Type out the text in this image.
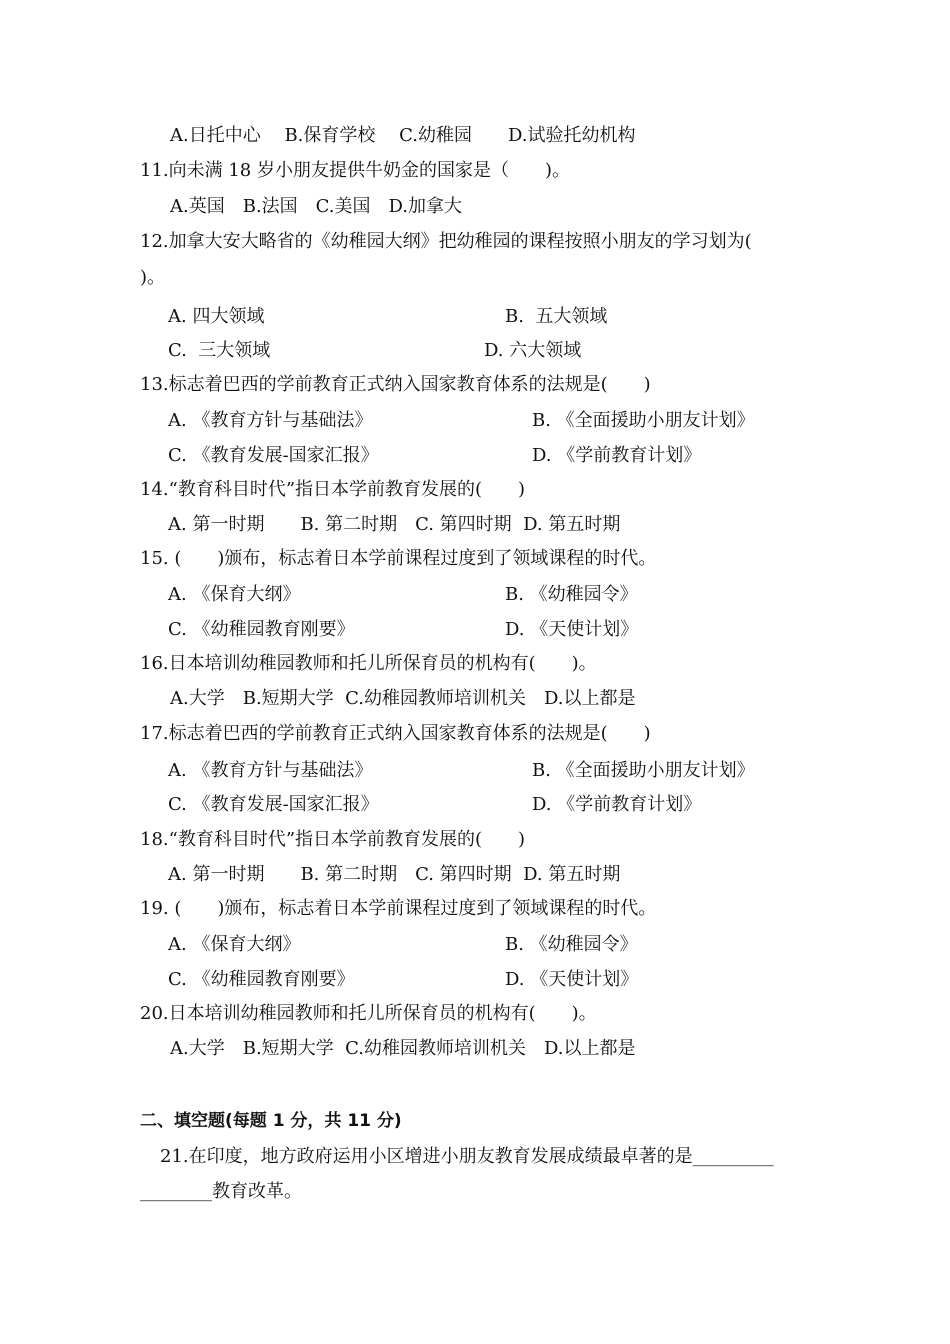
A.日托中心　 B.保育学校　 C.幼稚园　　D.试验托幼机构
11.向未满 18 岁小朋友提供牛奶金的国家是（　　)。
A.英国　B.法国　C.美国　D.加拿大
12.加拿大安大略省的《幼稚园大纲》把幼稚园的课程按照小朋友的学习划为(
)。
A. 四大领域	B.  五大领域
C.  三大领域	D. 六大领域
13.标志着巴西的学前教育正式纳入国家教育体系的法规是(　　)
A. 《教育方针与基础法》	B. 《全面援助小朋友计划》
C. 《教育发展-国家汇报》	D. 《学前教育计划》
14.“教育科目时代”指日本学前教育发展的(　　)
A. 第一时期　　B. 第二时期　C. 第四时期  D. 第五时期
15. (　　)颁布，标志着日本学前课程过度到了领域课程的时代。
A. 《保育大纲》	B. 《幼稚园令》
C. 《幼稚园教育刚要》	D. 《天使计划》
16.日本培训幼稚园教师和托儿所保育员的机构有(　　)。
A.大学　B.短期大学  C.幼稚园教师培训机关　D.以上都是
17.标志着巴西的学前教育正式纳入国家教育体系的法规是(　　)
A. 《教育方针与基础法》	B. 《全面援助小朋友计划》
C. 《教育发展-国家汇报》	D. 《学前教育计划》
18.“教育科目时代”指日本学前教育发展的(　　)
A. 第一时期　　B. 第二时期　C. 第四时期  D. 第五时期
19. (　　)颁布，标志着日本学前课程过度到了领域课程的时代。
A. 《保育大纲》	B. 《幼稚园令》
C. 《幼稚园教育刚要》	D. 《天使计划》
20.日本培训幼稚园教师和托儿所保育员的机构有(　　)。
A.大学　B.短期大学  C.幼稚园教师培训机关　D.以上都是
二、填空题(每题 1 分，共 11 分)
21.在印度，地方政府运用小区增进小朋友教育发展成绩最卓著的是_________
________教育改革。
